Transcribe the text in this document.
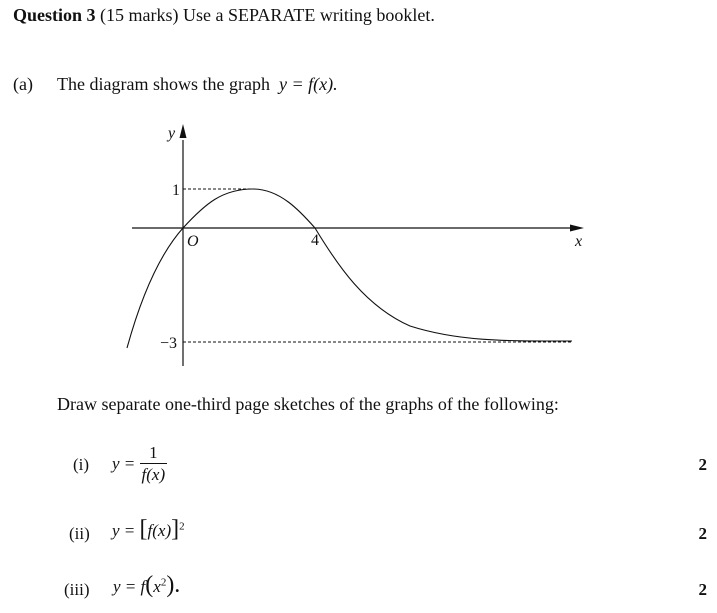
Question 3 (15 marks) Use a SEPARATE writing booklet.
(a) The diagram shows the graph y = f(x).
y
x
O
1
−3
4
Draw separate one-third page sketches of the graphs of the following:
(i) $y = \frac{1}{f(x)}$	2
(ii) $y = [f(x)]^2$	2
(iii) $y = f(x^2)$.	2
